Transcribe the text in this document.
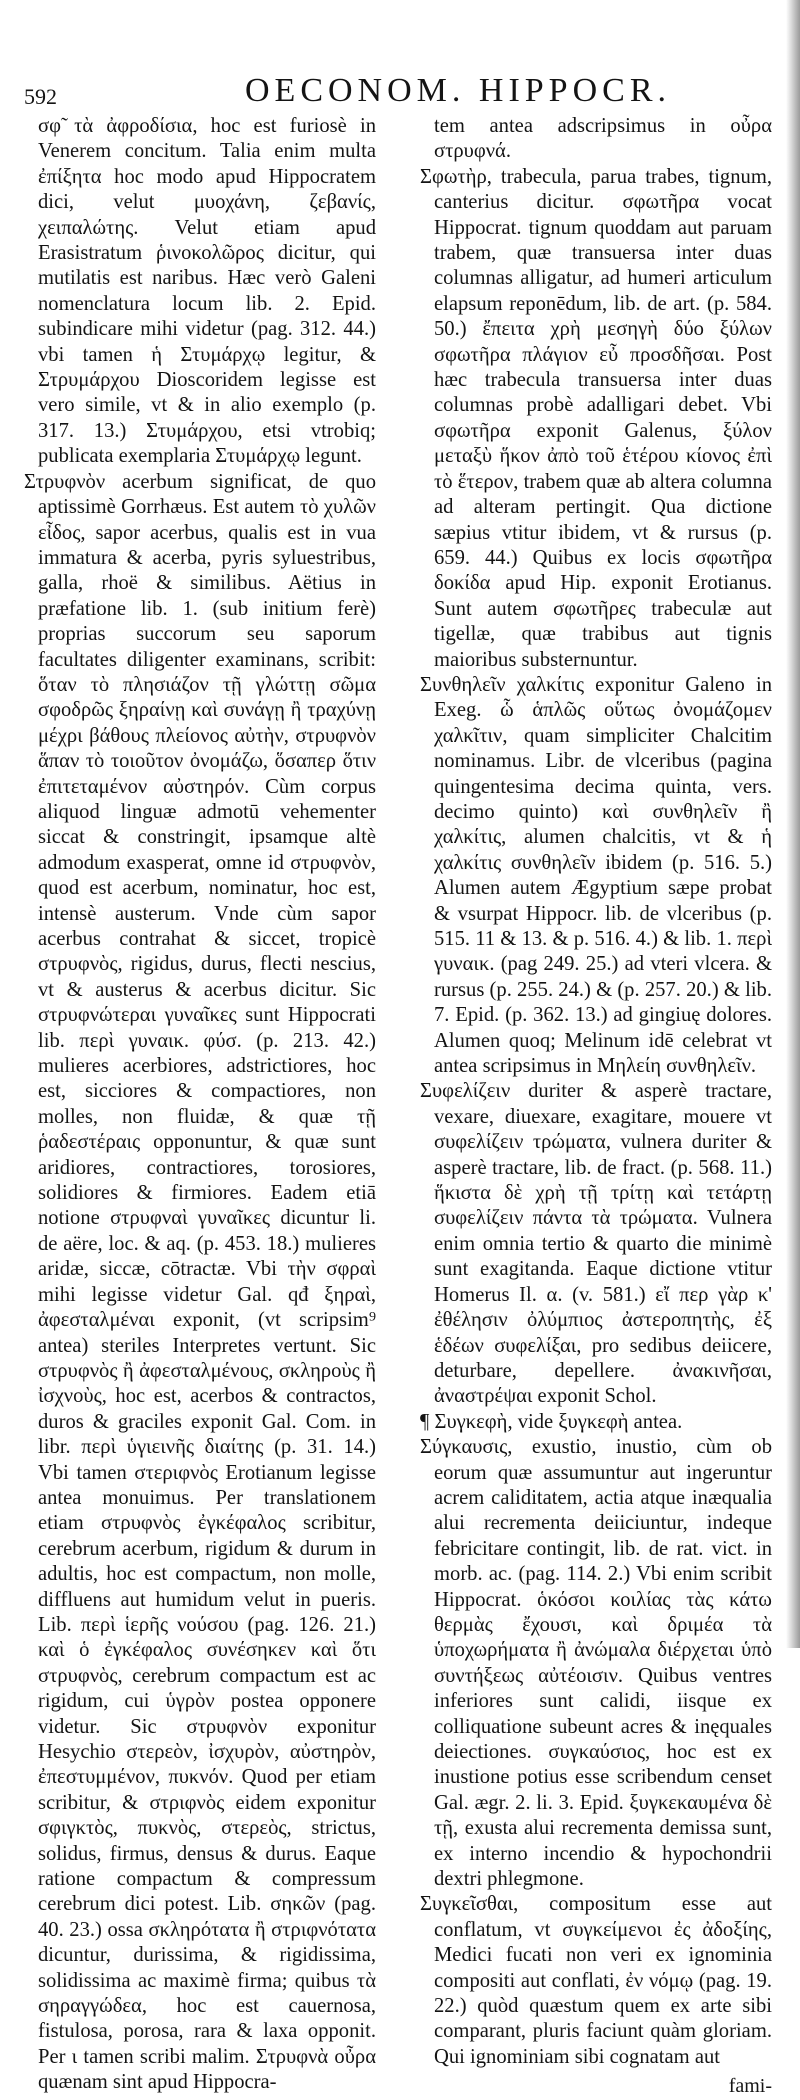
592	OECONOM. HIPPOCR.

σφ̃ τὰ ἀφροδίσια, hoc est furiosè in Venerem concitum. Talia enim multa ἐπίξητα hoc modo apud Hippocratem dici, velut μυοχάνη, ζεβανίς, χειπαλώτης. Velut etiam apud Erasistratum ῥινοκολῶρος dicitur, qui mutilatis est naribus. Hæc verò Galeni nomenclatura locum lib. 2. Epid. subindicare mihi videtur (pag. 312. 44.) vbi tamen ἡ Στυμάρχῳ legitur, & Στρυμάρχου Dioscoridem legisse est vero simile, vt & in alio exemplo (p. 317. 13.) Στυμάρχου, etsi vtrobiq; publicata exemplaria Στυμάρχῳ legunt.

Στρυφνὸν acerbum significat, de quo aptissimè Gorrhæus. Est autem τὸ χυλῶν εἶδος, sapor acerbus, qualis est in vua immatura & acerba, pyris syluestribus, galla, rhoë & similibus. Aëtius in præfatione lib. 1. (sub initium ferè) proprias succorum seu saporum facultates diligenter examinans, scribit: ὅταν τὸ πλησιάζον τῇ γλώττῃ σῶμα σφοδρῶς ξηραίνῃ καὶ συνάγῃ ἢ τραχύνῃ μέχρι βάθους πλείονος αὐτὴν, στρυφνὸν ἅπαν τὸ τοιοῦτον ὀνομάζω, ὅσαπερ ὅτιν ἐπιτεταμένον αὐστηρόν. Cùm corpus aliquod linguæ admotū vehementer siccat & constringit, ipsamque altè admodum exasperat, omne id στρυφνὸν, quod est acerbum, nominatur, hoc est, intensè austerum. Vnde cùm sapor acerbus contrahat & siccet, tropicè στρυφνὸς, rigidus, durus, flecti nescius, vt & austerus & acerbus dicitur. Sic στρυφνώτεραι γυναῖκες sunt Hippocrati lib. περὶ γυναικ. φύσ. (p. 213. 42.) mulieres acerbiores, adstrictiores, hoc est, sicciores & compactiores, non molles, non fluidæ, & quæ τῇ ῥαδεστέραις opponuntur, & quæ sunt aridiores, contractiores, torosiores, solidiores & firmiores. Eadem etiā notione στρυφναὶ γυναῖκες dicuntur li. de aëre, loc. & aq. (p. 453. 18.) mulieres aridæ, siccæ, cōtractæ. Vbi τὴν σφραὶ mihi legisse videtur Gal. qđ ξηραὶ, ἀφεσταλμέναι exponit, (vt scripsim⁹ antea) steriles Interpretes vertunt. Sic στρυφνὸς ἢ ἀφεσταλμένους, σκληροὺς ἢ ἰσχνοὺς, hoc est, acerbos & contractos, duros & graciles exponit Gal. Com. in libr. περὶ ὑγιεινῆς διαίτης (p. 31. 14.) Vbi tamen στεριφνὸς Erotianum legisse antea monuimus. Per translationem etiam στρυφνὸς ἐγκέφαλος scribitur, cerebrum acerbum, rigidum & durum in adultis, hoc est compactum, non molle, diffluens aut humidum velut in pueris. Lib. περὶ ἱερῆς νούσου (pag. 126. 21.) καὶ ὁ ἐγκέφαλος συνέσηκεν καὶ ὅτι στρυφνὸς, cerebrum compactum est ac rigidum, cui ὑγρὸν postea opponere videtur. Sic στρυφνὸν exponitur Hesychio στερεὸν, ἰσχυρὸν, αὐστηρὸν, ἐπεστυμμένον, πυκνόν. Quod per etiam scribitur, & στριφνὸς eidem exponitur σφιγκτὸς, πυκνὸς, στερεὸς, strictus, solidus, firmus, densus & durus. Eaque ratione compactum & compressum cerebrum dici potest. Lib. σηκῶν (pag. 40. 23.) ossa σκληρότατα ἢ στριφνότατα dicuntur, durissima, & rigidissima, solidissima ac maximè firma; quibus τὰ σηραγγώδεα, hoc est cauernosa, fistulosa, porosa, rara & laxa opponit. Per ι tamen scribi malim. Στρυφνὰ οὖρα quænam sint apud Hippocra-

tem antea adscripsimus in οὖρα στρυφνά.

Σφωτὴρ, trabecula, parua trabes, tignum, canterius dicitur. σφωτῆρα vocat Hippocrat. tignum quoddam aut paruam trabem, quæ transuersa inter duas columnas alligatur, ad humeri articulum elapsum reponēdum, lib. de art. (p. 584. 50.) ἔπειτα χρὴ μεσηγὴ δύο ξύλων σφωτῆρα πλάγιον εὖ προσδῆσαι. Post hæc trabecula transuersa inter duas columnas probè adalligari debet. Vbi σφωτῆρα exponit Galenus, ξύλον μεταξὺ ἥκον ἀπὸ τοῦ ἑτέρου κίονος ἐπὶ τὸ ἕτερον, trabem quæ ab altera columna ad alteram pertingit. Qua dictione sæpius vtitur ibidem, vt & rursus (p. 659. 44.) Quibus ex locis σφωτῆρα δοκίδα apud Hip. exponit Erotianus. Sunt autem σφωτῆρες trabeculæ aut tigellæ, quæ trabibus aut tignis maioribus substernuntur.

Συνθηλεῖν χαλκίτις exponitur Galeno in Exeg. ὧ ἁπλῶς οὕτως ὀνομάζομεν χαλκῖτιν, quam simpliciter Chalcitim nominamus. Libr. de vlceribus (pagina quingentesima decima quinta, vers. decimo quinto) καὶ συνθηλεῖν ἢ χαλκίτις, alumen chalcitis, vt & ἡ χαλκίτις συνθηλεῖν ibidem (p. 516. 5.) Alumen autem Ægyptium sæpe probat & vsurpat Hippocr. lib. de vlceribus (p. 515. 11 & 13. & p. 516. 4.) & lib. 1. περὶ γυναικ. (pag 249. 25.) ad vteri vlcera. & rursus (p. 255. 24.) & (p. 257. 20.) & lib. 7. Epid. (p. 362. 13.) ad gingiuę dolores. Alumen quoq; Melinum idē celebrat vt antea scripsimus in Μηλείη συνθηλεῖν.

Συφελίζειν duriter & asperè tractare, vexare, diuexare, exagitare, mouere vt συφελίζειν τρώματα, vulnera duriter & asperè tractare, lib. de fract. (p. 568. 11.) ἥκιστα δὲ χρὴ τῇ τρίτῃ καὶ τετάρτῃ συφελίζειν πάντα τὰ τρώματα. Vulnera enim omnia tertio & quarto die minimè sunt exagitanda. Eaque dictione vtitur Homerus Il. α. (v. 581.) εἴ περ γὰρ κ' ἐθέλησιν ὀλύμπιος ἀστεροπητὴς, ἐξ ἑδέων συφελίξαι, pro sedibus deiicere, deturbare, depellere. ἀνακινῆσαι, ἀναστρέψαι exponit Schol.

¶ Συγκεφὴ, vide ξυγκεφὴ antea.

Σύγκαυσις, exustio, inustio, cùm ob eorum quæ assumuntur aut ingeruntur acrem caliditatem, actia atque inæqualia alui recrementa deiiciuntur, indeque febricitare contingit, lib. de rat. vict. in morb. ac. (pag. 114. 2.) Vbi enim scribit Hippocrat. ὁκόσοι κοιλίας τὰς κάτω θερμὰς ἔχουσι, καὶ δριμέα τὰ ὑποχωρήματα ἢ ἀνώμαλα διέρχεται ὑπὸ συντήξεως αὐτέοισιν. Quibus ventres inferiores sunt calidi, iisque ex colliquatione subeunt acres & inęquales deiectiones. συγκαύσιος, hoc est ex inustione potius esse scribendum censet Gal. ægr. 2. li. 3. Epid. ξυγκεκαυμένα δὲ τῇ, exusta alui recrementa demissa sunt, ex interno incendio & hypochondrii dextri phlegmone.

Συγκεῖσθαι, compositum esse aut conflatum, vt συγκείμενοι ἐς ἀδοξίης, Medici fucati non veri ex ignominia compositi aut conflati, ἐν νόμῳ (pag. 19. 22.) quòd quæstum quem ex arte sibi comparant, pluris faciunt quàm gloriam. Qui ignominiam sibi cognatam aut

fami-
